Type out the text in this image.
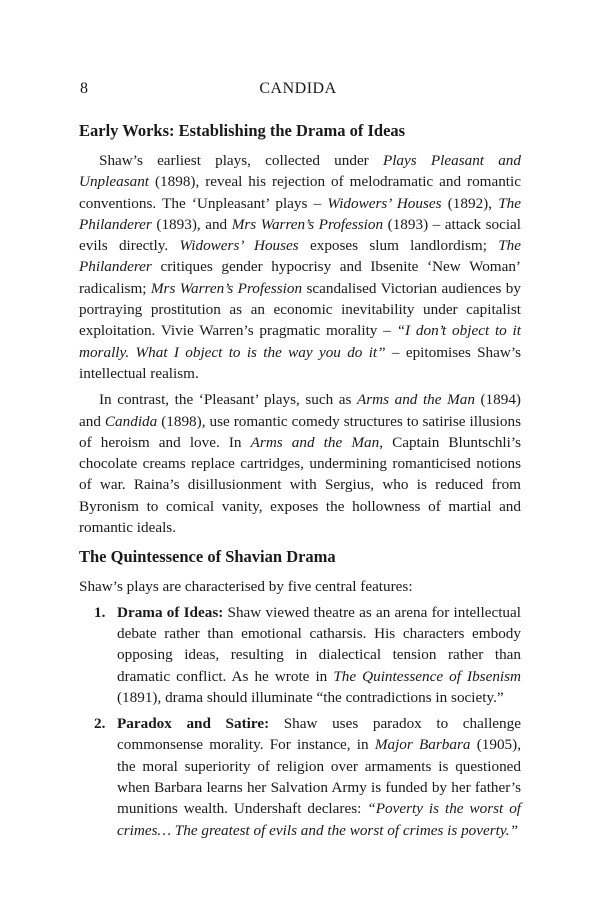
8	CANDIDA
Early Works: Establishing the Drama of Ideas

Shaw’s earliest plays, collected under Plays Pleasant and Unpleasant (1898), reveal his rejection of melodramatic and romantic conventions. The ‘Unpleasant’ plays – Widowers’ Houses (1892), The Philanderer (1893), and Mrs Warren’s Profession (1893) – attack social evils directly. Widowers’ Houses exposes slum landlordism; The Philanderer critiques gender hypocrisy and Ibsenite ‘New Woman’ radicalism; Mrs Warren’s Profession scandalised Victorian audiences by portraying prostitution as an economic inevitability under capitalist exploitation. Vivie Warren’s pragmatic morality – “I don’t object to it morally. What I object to is the way you do it” – epitomises Shaw’s intellectual realism.

In contrast, the ‘Pleasant’ plays, such as Arms and the Man (1894) and Candida (1898), use romantic comedy structures to satirise illusions of heroism and love. In Arms and the Man, Captain Bluntschli’s chocolate creams replace cartridges, undermining romanticised notions of war. Raina’s disillusionment with Sergius, who is reduced from Byronism to comical vanity, exposes the hollowness of martial and romantic ideals.

The Quintessence of Shavian Drama

Shaw’s plays are characterised by five central features:

1. Drama of Ideas: Shaw viewed theatre as an arena for intellectual debate rather than emotional catharsis. His characters embody opposing ideas, resulting in dialectical tension rather than dramatic conflict. As he wrote in The Quintessence of Ibsenism (1891), drama should illuminate “the contradictions in society.”
2. Paradox and Satire: Shaw uses paradox to challenge commonsense morality. For instance, in Major Barbara (1905), the moral superiority of religion over armaments is questioned when Barbara learns her Salvation Army is funded by her father’s munitions wealth. Undershaft declares: “Poverty is the worst of crimes… The greatest of evils and the worst of crimes is poverty.”
